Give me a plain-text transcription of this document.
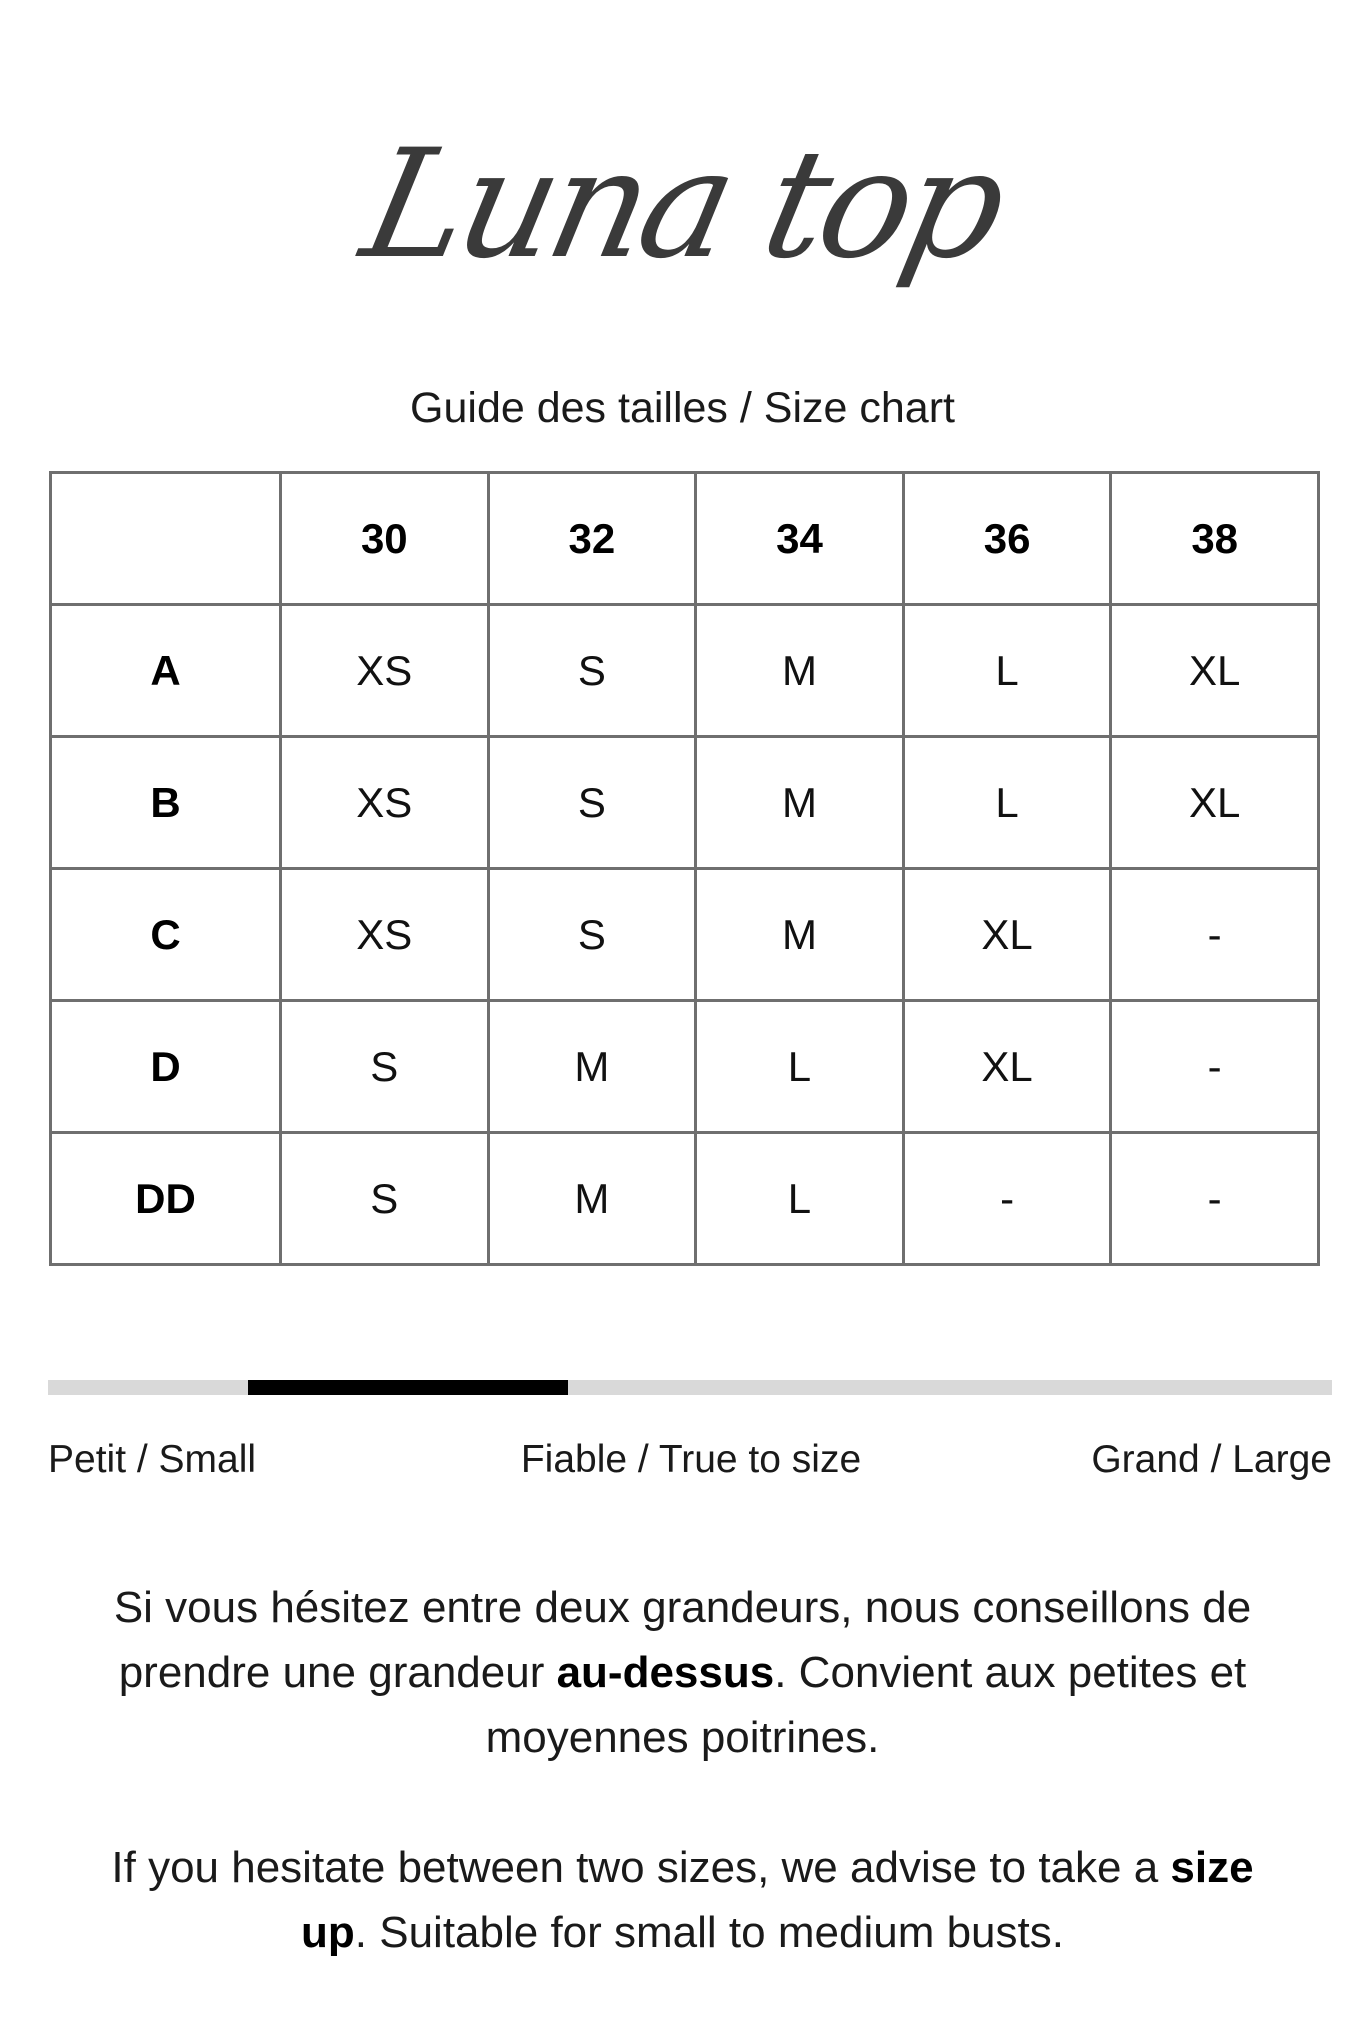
Luna top
Guide des tailles / Size chart
	30	32	34	36	38
A	XS	S	M	L	XL
B	XS	S	M	L	XL
C	XS	S	M	XL	-
D	S	M	L	XL	-
DD	S	M	L	-	-
Petit / Small	Fiable / True to size	Grand / Large
Si vous hésitez entre deux grandeurs, nous conseillons de prendre une grandeur au-dessus. Convient aux petites et moyennes poitrines.
If you hesitate between two sizes, we advise to take a size up. Suitable for small to medium busts.
